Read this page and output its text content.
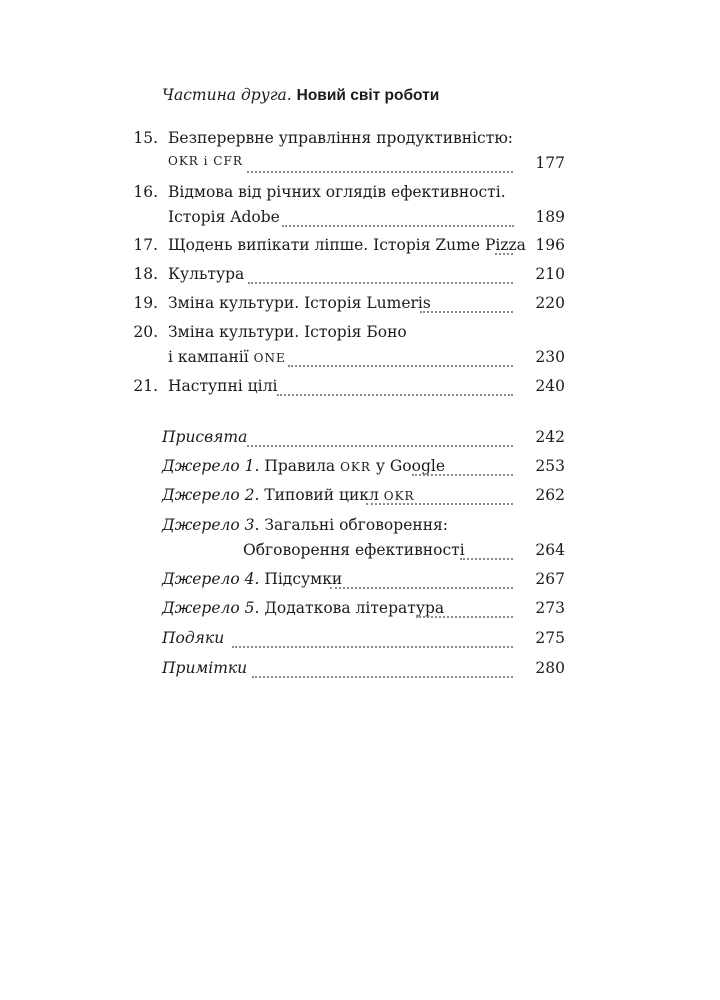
Частина друга. Новий світ роботи
15. Безперервне управління продуктивністю:
OKR і CFR	177
16. Відмова від річних оглядів ефективності.
Історія Adobe	189
17. Щодень випікати ліпше. Історія Zume Pizza 196
18. Культура	210
19. Зміна культури. Історія Lumeris	220
20. Зміна культури. Історія Боно
і кампанії ONE	230
21. Наступні цілі	240
Присвята	242
Джерело 1. Правила OKR у Google	253
Джерело 2. Типовий цикл OKR	262
Джерело 3. Загальні обговорення:
Обговорення ефективності	264
Джерело 4. Підсумки	267
Джерело 5. Додаткова література	273
Подяки	275
Примітки	280
